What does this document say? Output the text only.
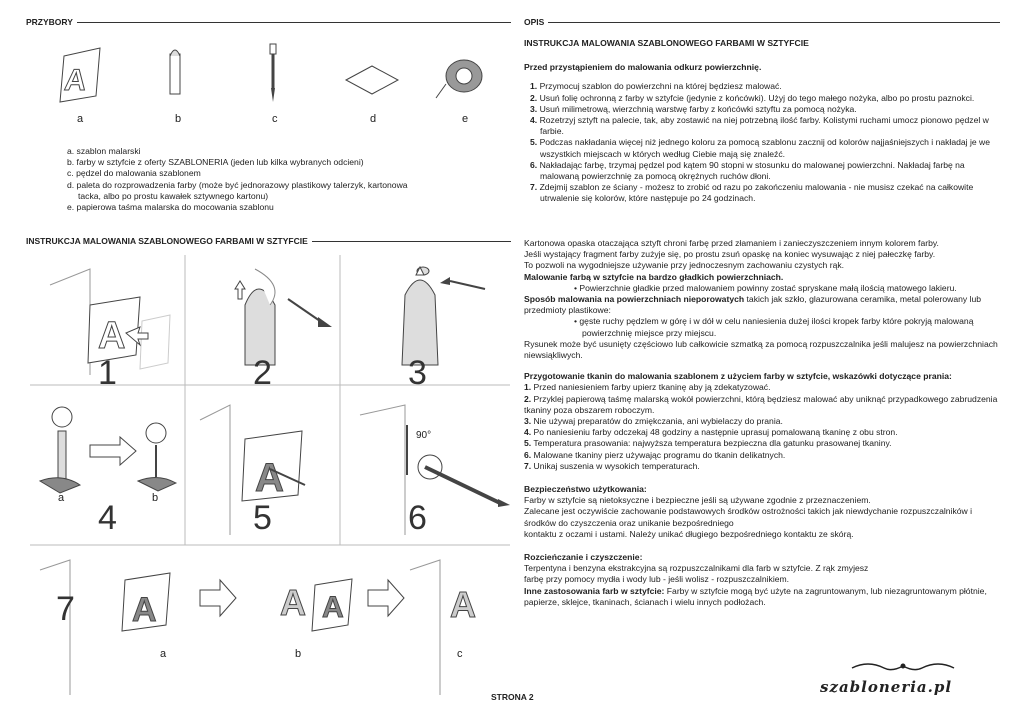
PRZYBORY
A
a	b	c	d	e
a. szablon malarski
b. farby w sztyfcie z oferty SZABLONERIA (jeden lub kilka wybranych odcieni)
c. pędzel do malowania szablonem
d. paleta do rozprowadzenia farby (może być jednorazowy plastikowy talerzyk, kartonowa
tacka, albo po prostu kawałek sztywnego kartonu)
e. papierowa taśma malarska do mocowania szablonu
INSTRUKCJA MALOWANIA SZABLONOWEGO FARBAMI W SZTYFCIE
A
A
A	A A	A
1	2	3
4	5	6
7
a	b
90°
a	b	c
OPIS
INSTRUKCJA MALOWANIA SZABLONOWEGO FARBAMI W SZTYFCIE
Przed przystąpieniem do malowania odkurz powierzchnię.
1. Przymocuj szablon do powierzchni na której będziesz malować.
2. Usuń folię ochronną z farby w sztyfcie (jedynie z końcówki). Użyj do tego małego nożyka, albo po prostu paznokci.
3. Usuń milimetrową, wierzchnią warstwę farby z końcówki sztyftu za pomocą nożyka.
4. Rozetrzyj sztyft na palecie, tak, aby zostawić na niej potrzebną ilość farby. Kolistymi ruchami umocz pionowo pędzel w farbie.
5. Podczas nakładania więcej niż jednego koloru za pomocą szablonu zacznij od kolorów najjaśniejszych i nakładaj je we wszystkich miejscach w których według Ciebie mają się znaleźć.
6. Nakładając farbę, trzymaj pędzel pod kątem 90 stopni w stosunku do malowanej powierzchni. Nakładaj farbę na malowaną powierzchnię za pomocą okrężnych ruchów dłoni.
7. Zdejmij szablon ze ściany - możesz to zrobić od razu po zakończeniu malowania - nie musisz czekać na całkowite utrwalenie się kolorów, które następuje po 24 godzinach.
Kartonowa opaska otaczająca sztyft chroni farbę przed złamaniem i zanieczyszczeniem innym kolorem farby.
Jeśli wystający fragment farby zużyje się, po prostu zsuń opaskę na koniec wysuwając z niej pałeczkę farby.
To pozwoli na wygodniejsze używanie przy jednoczesnym zachowaniu czystych rąk.
Malowanie farbą w sztyfcie na bardzo gładkich powierzchniach.
• Powierzchnie gładkie przed malowaniem powinny zostać spryskane małą ilością matowego lakieru.
Sposób malowania na powierzchniach nieporowatych takich jak szkło, glazurowana ceramika, metal polerowany lub przedmioty plastikowe:
• gęste ruchy pędzlem w górę i w dół w celu naniesienia dużej ilości kropek farby które pokryją malowaną powierzchnię miejsce przy miejscu.
Rysunek może być usunięty częściowo lub całkowicie szmatką za pomocą rozpuszczalnika jeśli malujesz na powierzchniach niewsiąkliwych.
Przygotowanie tkanin do malowania szablonem z użyciem farby w sztyfcie, wskazówki dotyczące prania:
1. Przed naniesieniem farby upierz tkaninę aby ją zdekatyzować.
2. Przyklej papierową taśmę malarską wokół powierzchni, którą będziesz malować aby uniknąć przypadkowego zabrudzenia tkaniny poza obszarem roboczym.
3. Nie używaj preparatów do zmiękczania, ani wybielaczy do prania.
4. Po naniesieniu farby odczekaj 48 godziny a następnie uprasuj pomalowaną tkaninę z obu stron.
5. Temperatura prasowania: najwyższa temperatura bezpieczna dla gatunku prasowanej tkaniny.
6. Malowane tkaniny pierz używając programu do tkanin delikatnych.
7. Unikaj suszenia w wysokich temperaturach.
Bezpieczeństwo użytkowania:
Farby w sztyfcie są nietoksyczne i bezpieczne jeśli są używane zgodnie z przeznaczeniem.
Zalecane jest oczywiście zachowanie podstawowych środków ostrożności takich jak niewdychanie rozpuszczalników i środków do czyszczenia oraz unikanie bezpośredniego
kontaktu z oczami i ustami. Należy unikać długiego bezpośredniego kontaktu ze skórą.
Rozcieńczanie i czyszczenie:
Terpentyna i benzyna ekstrakcyjna są rozpuszczalnikami dla farb w sztyfcie. Z rąk zmyjesz
farbę przy pomocy mydła i wody lub - jeśli wolisz - rozpuszczalnikiem.
Inne zastosowania farb w sztyfcie: Farby w sztyfcie mogą być użyte na zagruntowanym, lub niezagruntowanym płótnie, papierze, sklejce, tkaninach, ścianach i wielu innych podłożach.
szabloneria.pl
STRONA 2
